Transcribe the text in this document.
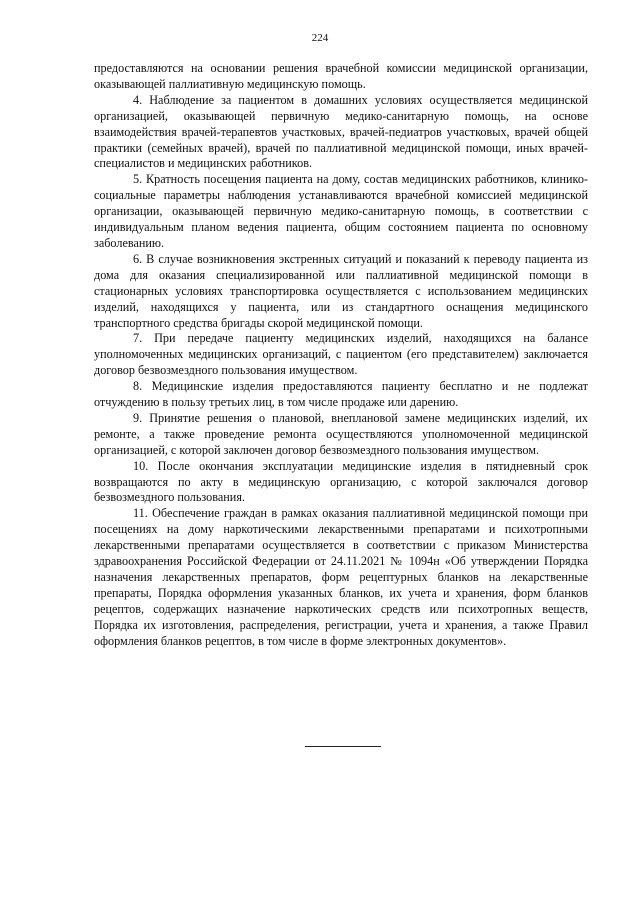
224

предоставляются на основании решения врачебной комиссии медицинской организации, оказывающей паллиативную медицинскую помощь.

4. Наблюдение за пациентом в домашних условиях осуществляется медицинской организацией, оказывающей первичную медико-санитарную помощь, на основе взаимодействия врачей-терапевтов участковых, врачей-педиатров участковых, врачей общей практики (семейных врачей), врачей по паллиативной медицинской помощи, иных врачей-специалистов и медицинских работников.

5. Кратность посещения пациента на дому, состав медицинских работников, клинико-социальные параметры наблюдения устанавливаются врачебной комиссией медицинской организации, оказывающей первичную медико-санитарную помощь, в соответствии с индивидуальным планом ведения пациента, общим состоянием пациента по основному заболеванию.

6. В случае возникновения экстренных ситуаций и показаний к переводу пациента из дома для оказания специализированной или паллиативной медицинской помощи в стационарных условиях транспортировка осуществляется с использованием медицинских изделий, находящихся у пациента, или из стандартного оснащения медицинского транспортного средства бригады скорой медицинской помощи.

7. При передаче пациенту медицинских изделий, находящихся на балансе уполномоченных медицинских организаций, с пациентом (его представителем) заключается договор безвозмездного пользования имуществом.

8. Медицинские изделия предоставляются пациенту бесплатно и не подлежат отчуждению в пользу третьих лиц, в том числе продаже или дарению.

9. Принятие решения о плановой, внеплановой замене медицинских изделий, их ремонте, а также проведение ремонта осуществляются уполномоченной медицинской организацией, с которой заключен договор безвозмездного пользования имуществом.

10. После окончания эксплуатации медицинские изделия в пятидневный срок возвращаются по акту в медицинскую организацию, с которой заключался договор безвозмездного пользования.

11. Обеспечение граждан в рамках оказания паллиативной медицинской помощи при посещениях на дому наркотическими лекарственными препаратами и психотропными лекарственными препаратами осуществляется в соответствии с приказом Министерства здравоохранения Российской Федерации от 24.11.2021 № 1094н «Об утверждении Порядка назначения лекарственных препаратов, форм рецептурных бланков на лекарственные препараты, Порядка оформления указанных бланков, их учета и хранения, форм бланков рецептов, содержащих назначение наркотических средств или психотропных веществ, Порядка их изготовления, распределения, регистрации, учета и хранения, а также Правил оформления бланков рецептов, в том числе в форме электронных документов».
